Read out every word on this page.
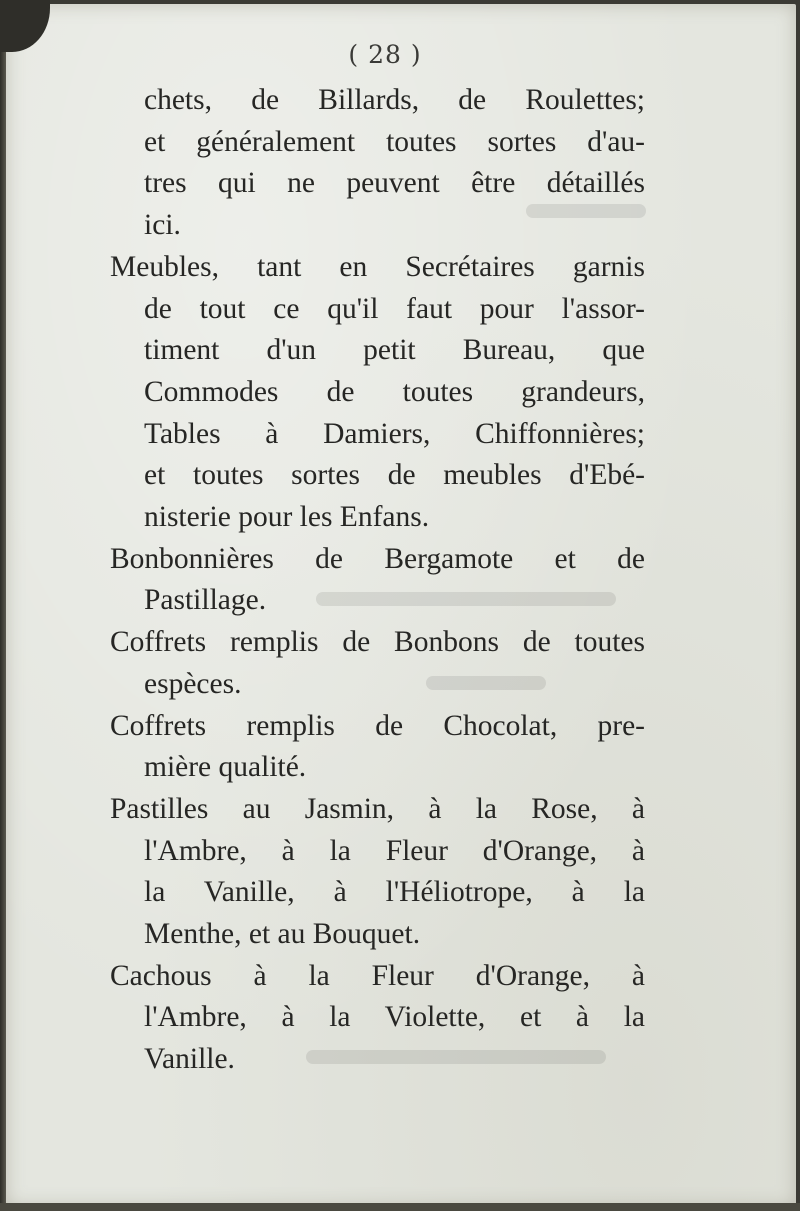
( 28 )
chets, de Billards, de Roulettes;
et généralement toutes sortes d'au-
tres qui ne peuvent être détaillés
ici.
Meubles, tant en Secrétaires garnis
de tout ce qu'il faut pour l'assor-
timent d'un petit Bureau, que
Commodes de toutes grandeurs,
Tables à Damiers, Chiffonnières;
et toutes sortes de meubles d'Ebé-
nisterie pour les Enfans.
Bonbonnières de Bergamote et de
Pastillage.
Coffrets remplis de Bonbons de toutes
espèces.
Coffrets remplis de Chocolat, pre-
mière qualité.
Pastilles au Jasmin, à la Rose, à
l'Ambre, à la Fleur d'Orange, à
la Vanille, à l'Héliotrope, à la
Menthe, et au Bouquet.
Cachous à la Fleur d'Orange, à
l'Ambre, à la Violette, et à la
Vanille.
